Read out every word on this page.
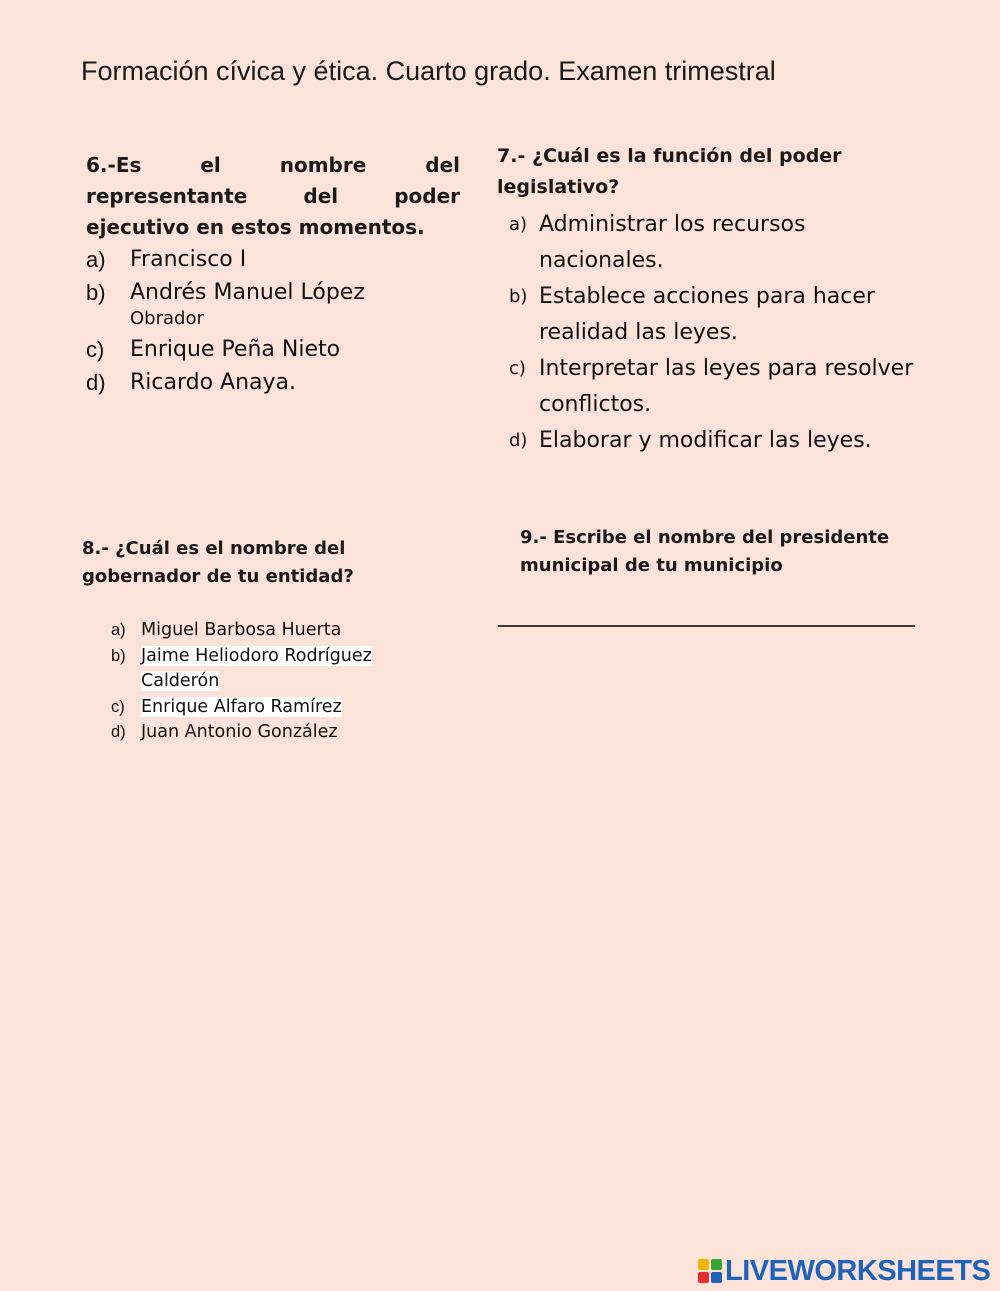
Formación cívica y ética. Cuarto grado. Examen trimestral
6.-Es el nombre del representante del poder ejecutivo en estos momentos.
a)	Francisco I
b)	Andrés Manuel López
Obrador
c)	Enrique Peña Nieto
d)	Ricardo Anaya.
7.- ¿Cuál es la función del poder legislativo?
a) Administrar los recursos nacionales.
b) Establece acciones para hacer realidad las leyes.
c) Interpretar las leyes para resolver conflictos.
d) Elaborar y modificar las leyes.
8.- ¿Cuál es el nombre del gobernador de tu entidad?
a) Miguel Barbosa Huerta
b) Jaime Heliodoro Rodríguez Calderón
c) Enrique Alfaro Ramírez
d) Juan Antonio González
9.- Escribe el nombre del presidente municipal de tu municipio
LIVEWORKSHEETS
